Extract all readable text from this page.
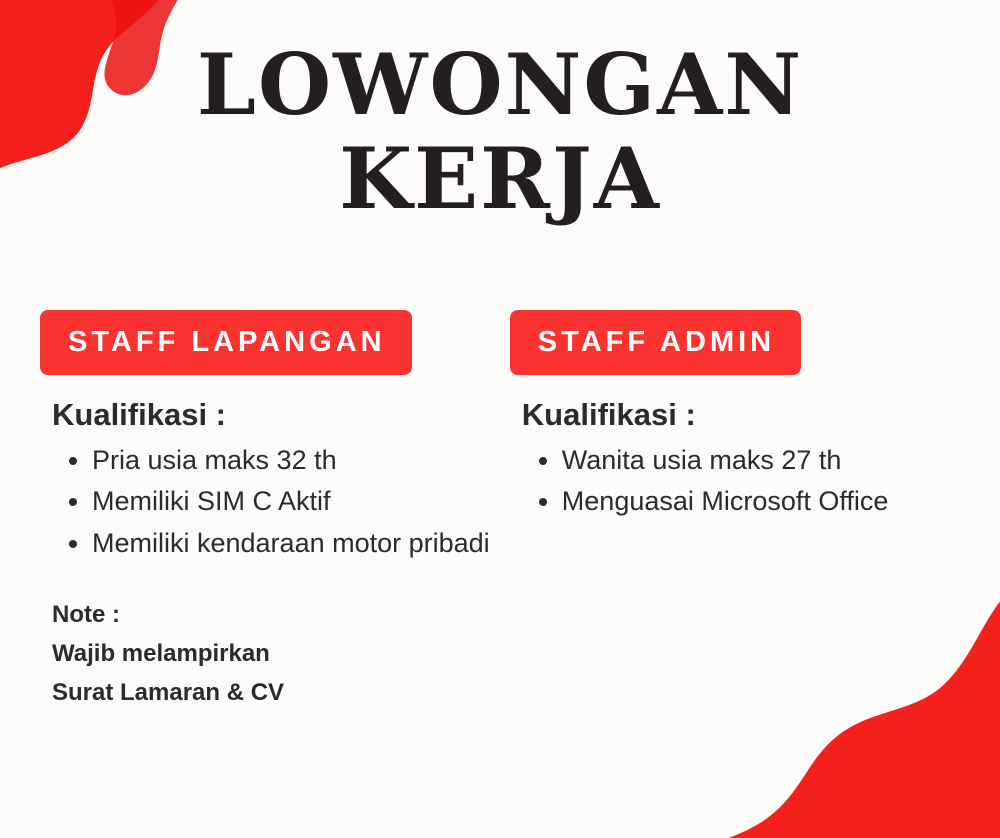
LOWONGAN
KERJA
STAFF LAPANGAN
Kualifikasi :
• Pria usia maks 32 th
• Memiliki SIM C Aktif
• Memiliki kendaraan motor pribadi
Note :
Wajib melampirkan
Surat Lamaran & CV
STAFF ADMIN
Kualifikasi :
• Wanita usia maks 27 th
• Menguasai Microsoft Office
